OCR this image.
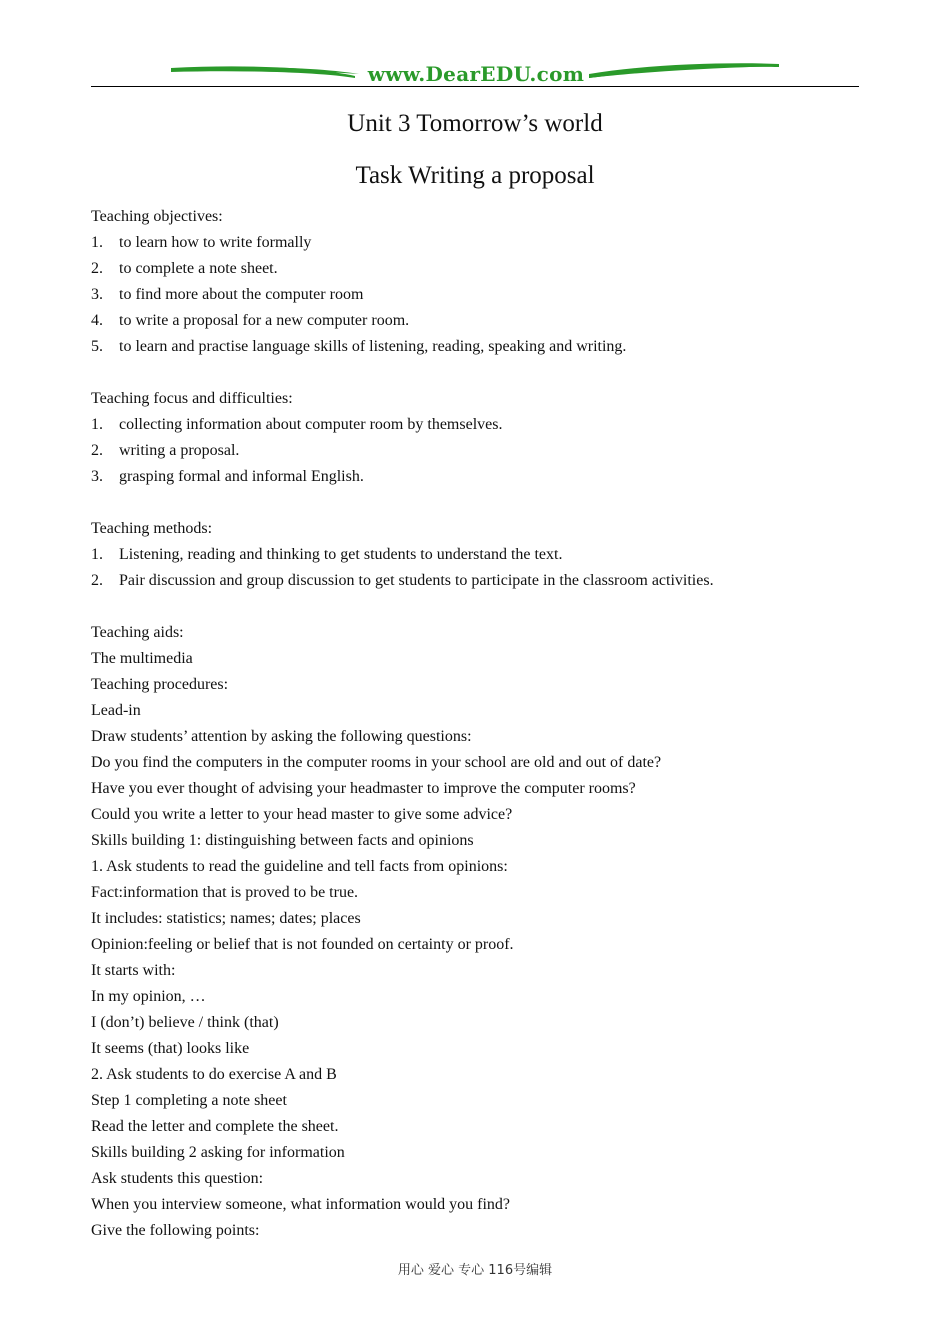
www.DearEDU.com
Unit 3 Tomorrow’s world
Task Writing a proposal
Teaching objectives:
1. to learn how to write formally
2. to complete a note sheet.
3. to find more about the computer room
4. to write a proposal for a new computer room.
5. to learn and practise language skills of listening, reading, speaking and writing.
Teaching focus and difficulties:
1. collecting information about computer room by themselves.
2. writing a proposal.
3. grasping formal and informal English.
Teaching methods:
1. Listening, reading and thinking to get students to understand the text.
2. Pair discussion and group discussion to get students to participate in the classroom activities.
Teaching aids:
The multimedia
Teaching procedures:
Lead-in
Draw students’ attention by asking the following questions:
Do you find the computers in the computer rooms in your school are old and out of date?
Have you ever thought of advising your headmaster to improve the computer rooms?
Could you write a letter to your head master to give some advice?
Skills building 1: distinguishing between facts and opinions
1. Ask students to read the guideline and tell facts from opinions:
Fact:information that is proved to be true.
It includes: statistics; names; dates; places
Opinion:feeling or belief that is not founded on certainty or proof.
It starts with:
In my opinion, …
I (don’t) believe / think (that)
It seems (that) looks like
2. Ask students to do exercise A and B
Step 1 completing a note sheet
Read the letter and complete the sheet.
Skills building 2 asking for information
Ask students this question:
When you interview someone, what information would you find?
Give the following points:
用心 爱心 专心 116号编辑
